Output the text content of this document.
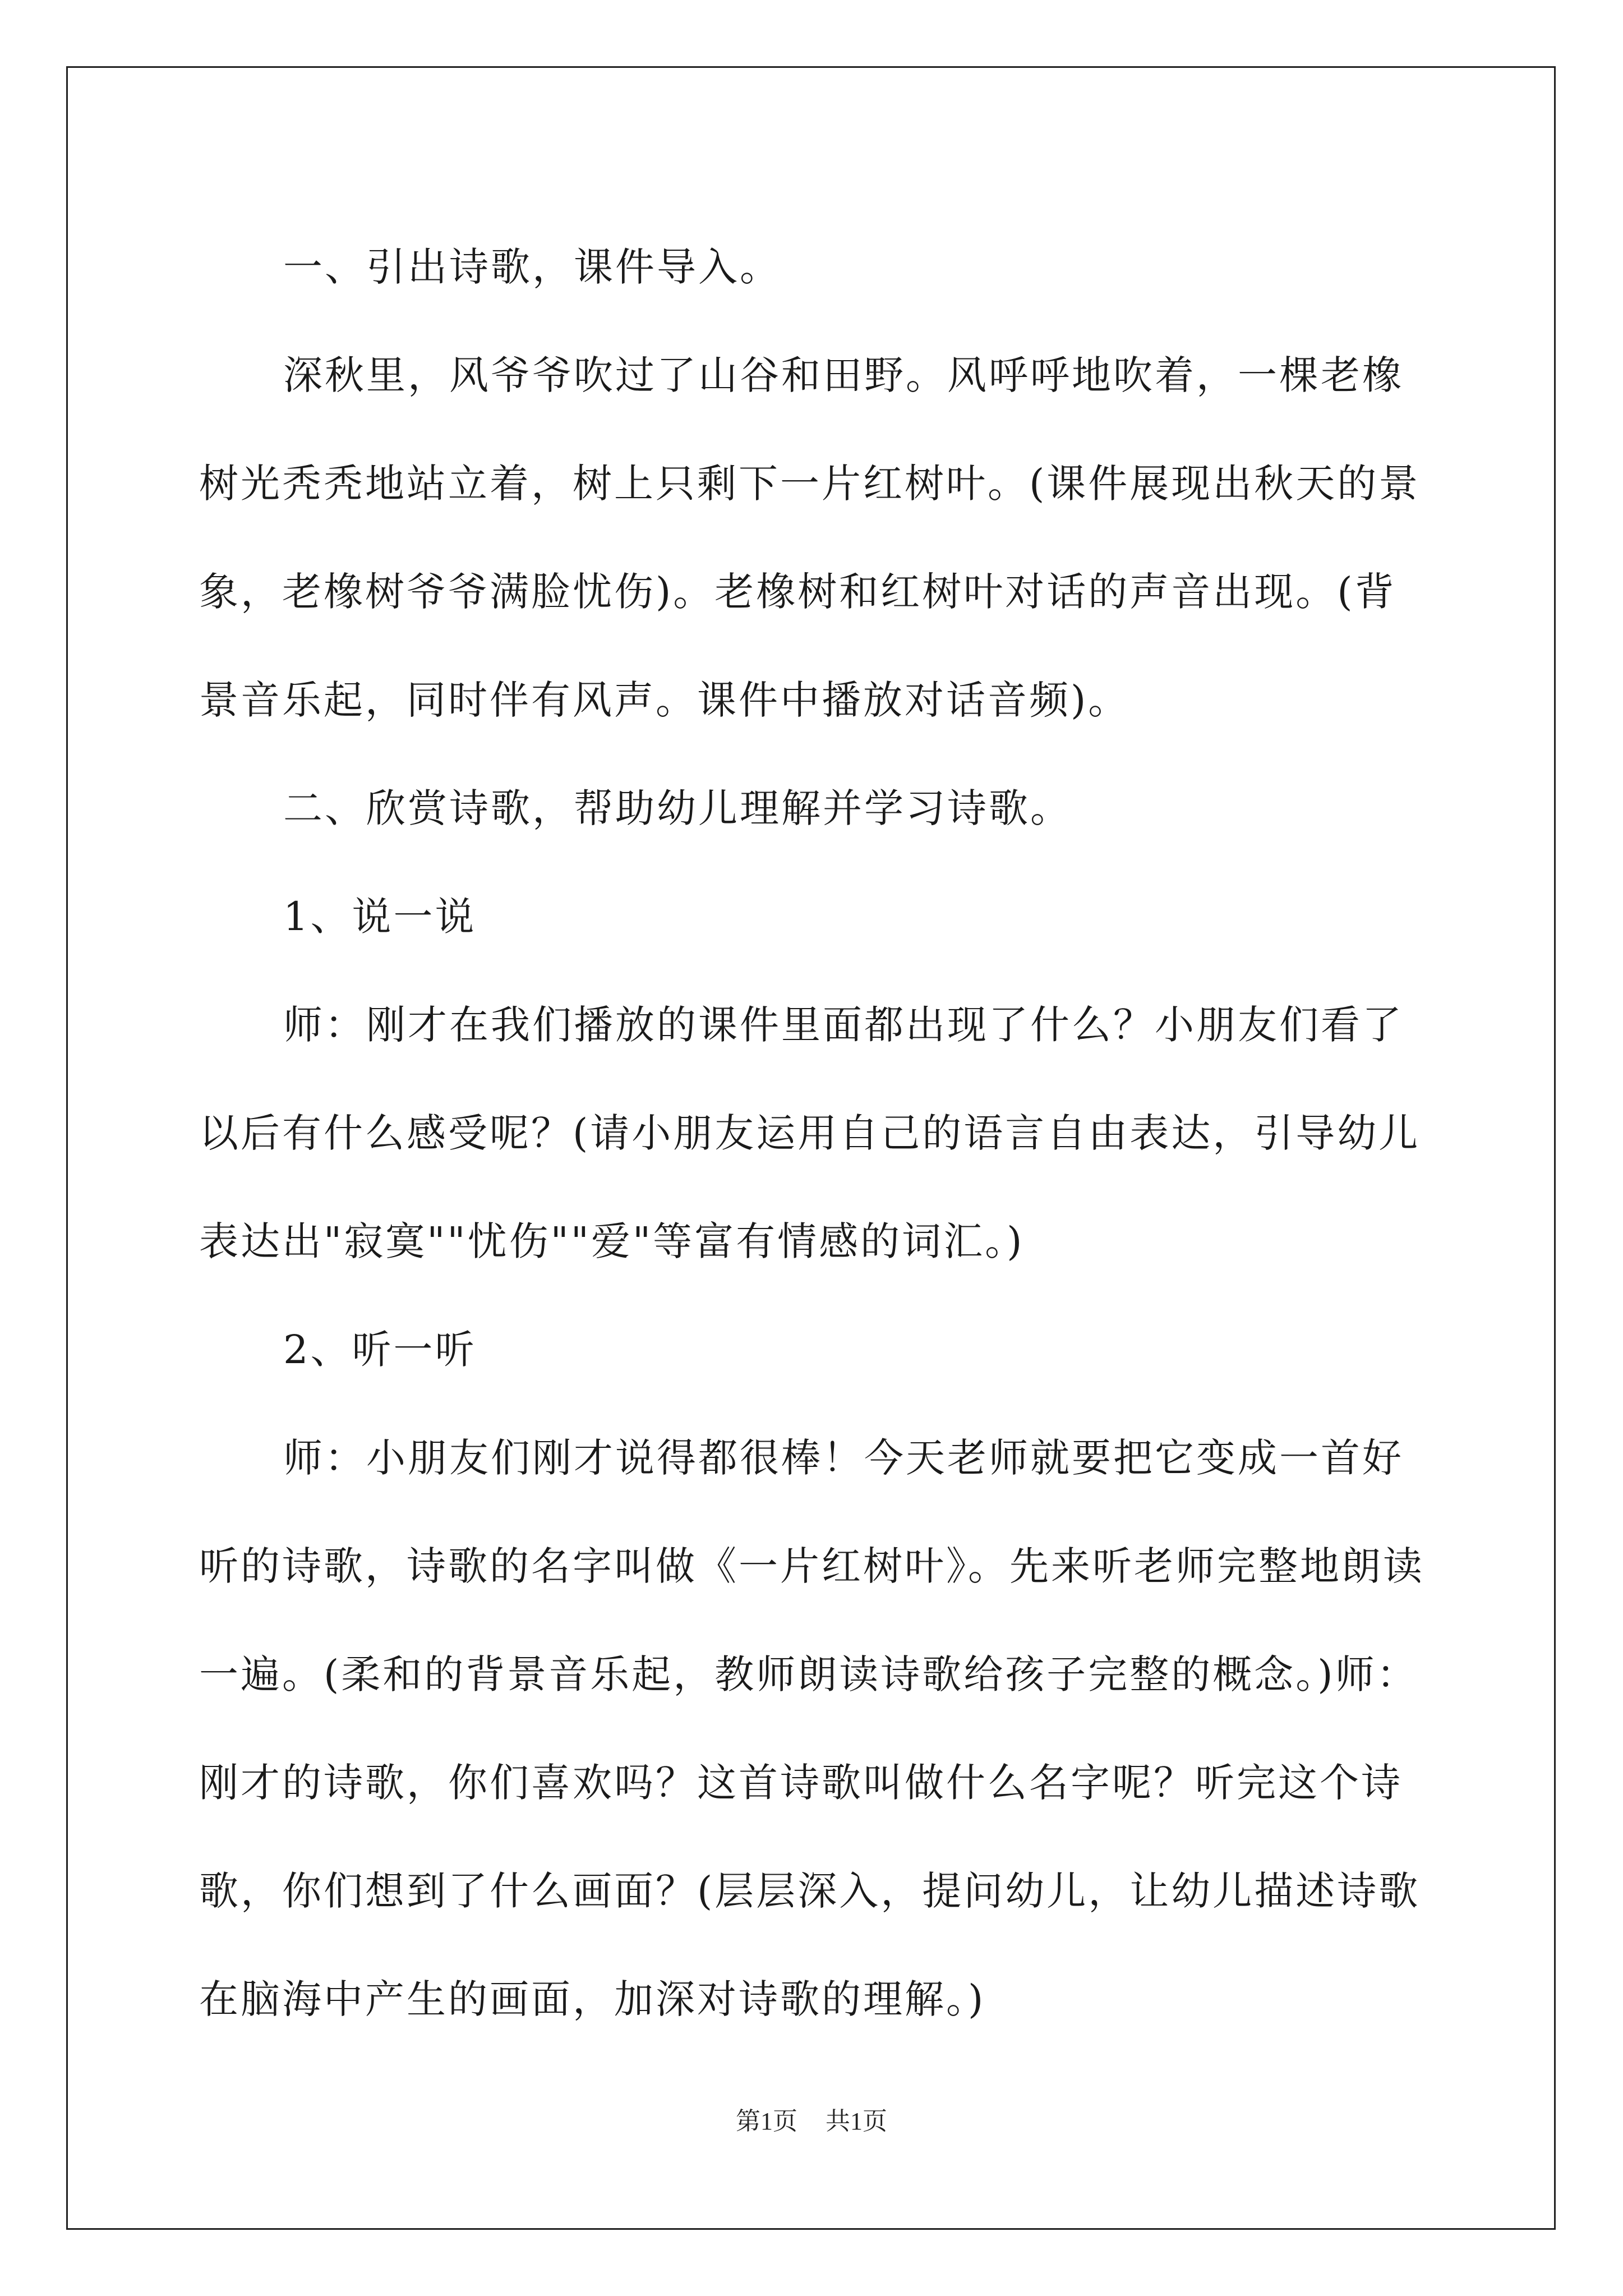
一、引出诗歌，课件导入。

深秋里，风爷爷吹过了山谷和田野。风呼呼地吹着，一棵老橡树光秃秃地站立着，树上只剩下一片红树叶。(课件展现出秋天的景象，老橡树爷爷满脸忧伤)。老橡树和红树叶对话的声音出现。(背景音乐起，同时伴有风声。课件中播放对话音频)。

二、欣赏诗歌，帮助幼儿理解并学习诗歌。

1、说一说

师：刚才在我们播放的课件里面都出现了什么？小朋友们看了以后有什么感受呢？(请小朋友运用自己的语言自由表达，引导幼儿表达出"寂寞""忧伤""爱"等富有情感的词汇。)

2、听一听

师：小朋友们刚才说得都很棒！今天老师就要把它变成一首好听的诗歌，诗歌的名字叫做《一片红树叶》。先来听老师完整地朗读一遍。(柔和的背景音乐起，教师朗读诗歌给孩子完整的概念。)师：刚才的诗歌，你们喜欢吗？这首诗歌叫做什么名字呢？听完这个诗歌，你们想到了什么画面？(层层深入，提问幼儿，让幼儿描述诗歌在脑海中产生的画面，加深对诗歌的理解。)

第1页 共1页
